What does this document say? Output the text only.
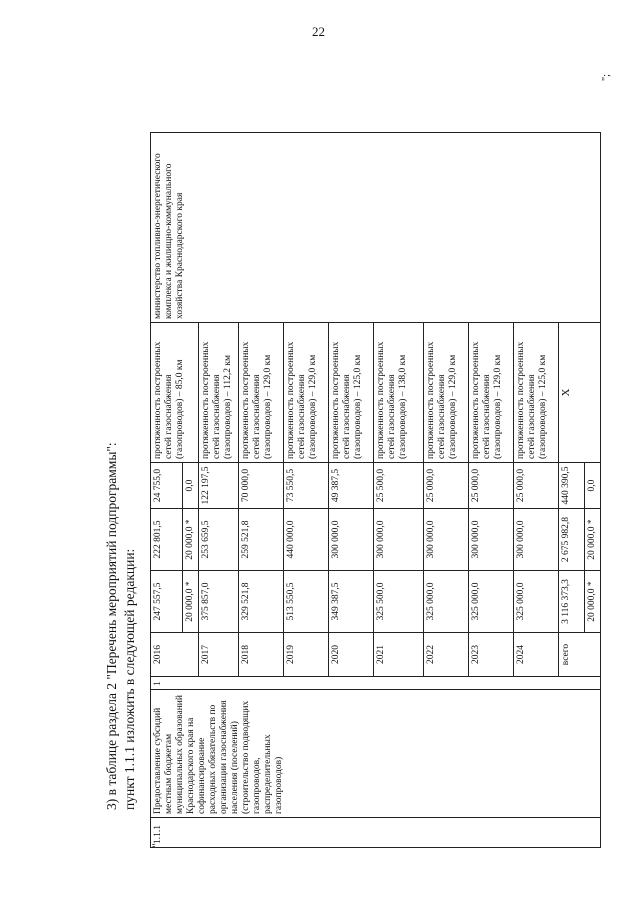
22
3) в таблице раздела 2 "Перечень мероприятий подпрограммы": пункт 1.1.1 изложить в следующей редакции:
"
1.1.1	Предоставление субсидий местным бюджетам муниципальных образований Краснодарского края на софинансирование расходных обязательств по организации газоснабжения населения (поселений) (строительство подводящих газопроводов, распределительных газопроводов)	1	2016	247 557,5	222 801,5	24 755,0	протяженность построенных сетей газоснабжения (газопроводов) – 85,0 км	министерство топливно-энергетического комплекса и жилищно-коммунального хозяйства Краснодарского края
				20 000,0 *	20 000,0 *	0,0		
			2017	375 857,0	253 659,5	122 197,5	протяженность построенных сетей газоснабжения (газопроводов) – 112,2 км	
			2018	329 521,8	259 521,8	70 000,0	протяженность построенных сетей газоснабжения (газопроводов) – 129,0 км	
			2019	513 550,5	440 000,0	73 550,5	протяженность построенных сетей газоснабжения (газопроводов) – 129,0 км	
			2020	349 387,5	300 000,0	49 387,5	протяженность построенных сетей газоснабжения (газопроводов) – 125,0 км	
			2021	325 500,0	300 000,0	25 500,0	протяженность построенных сетей газоснабжения (газопроводов) – 138,0 км	
			2022	325 000,0	300 000,0	25 000,0	протяженность построенных сетей газоснабжения (газопроводов) – 129,0 км	
			2023	325 000,0	300 000,0	25 000,0	протяженность построенных сетей газоснабжения (газопроводов) – 129,0 км	
			2024	325 000,0	300 000,0	25 000,0	протяженность построенных сетей газоснабжения (газопроводов) – 125,0 км	
			всего	3 116 373,3	2 675 982,8	440 390,5	X	
				20 000,0 *	20 000,0 *	0,0		
";
